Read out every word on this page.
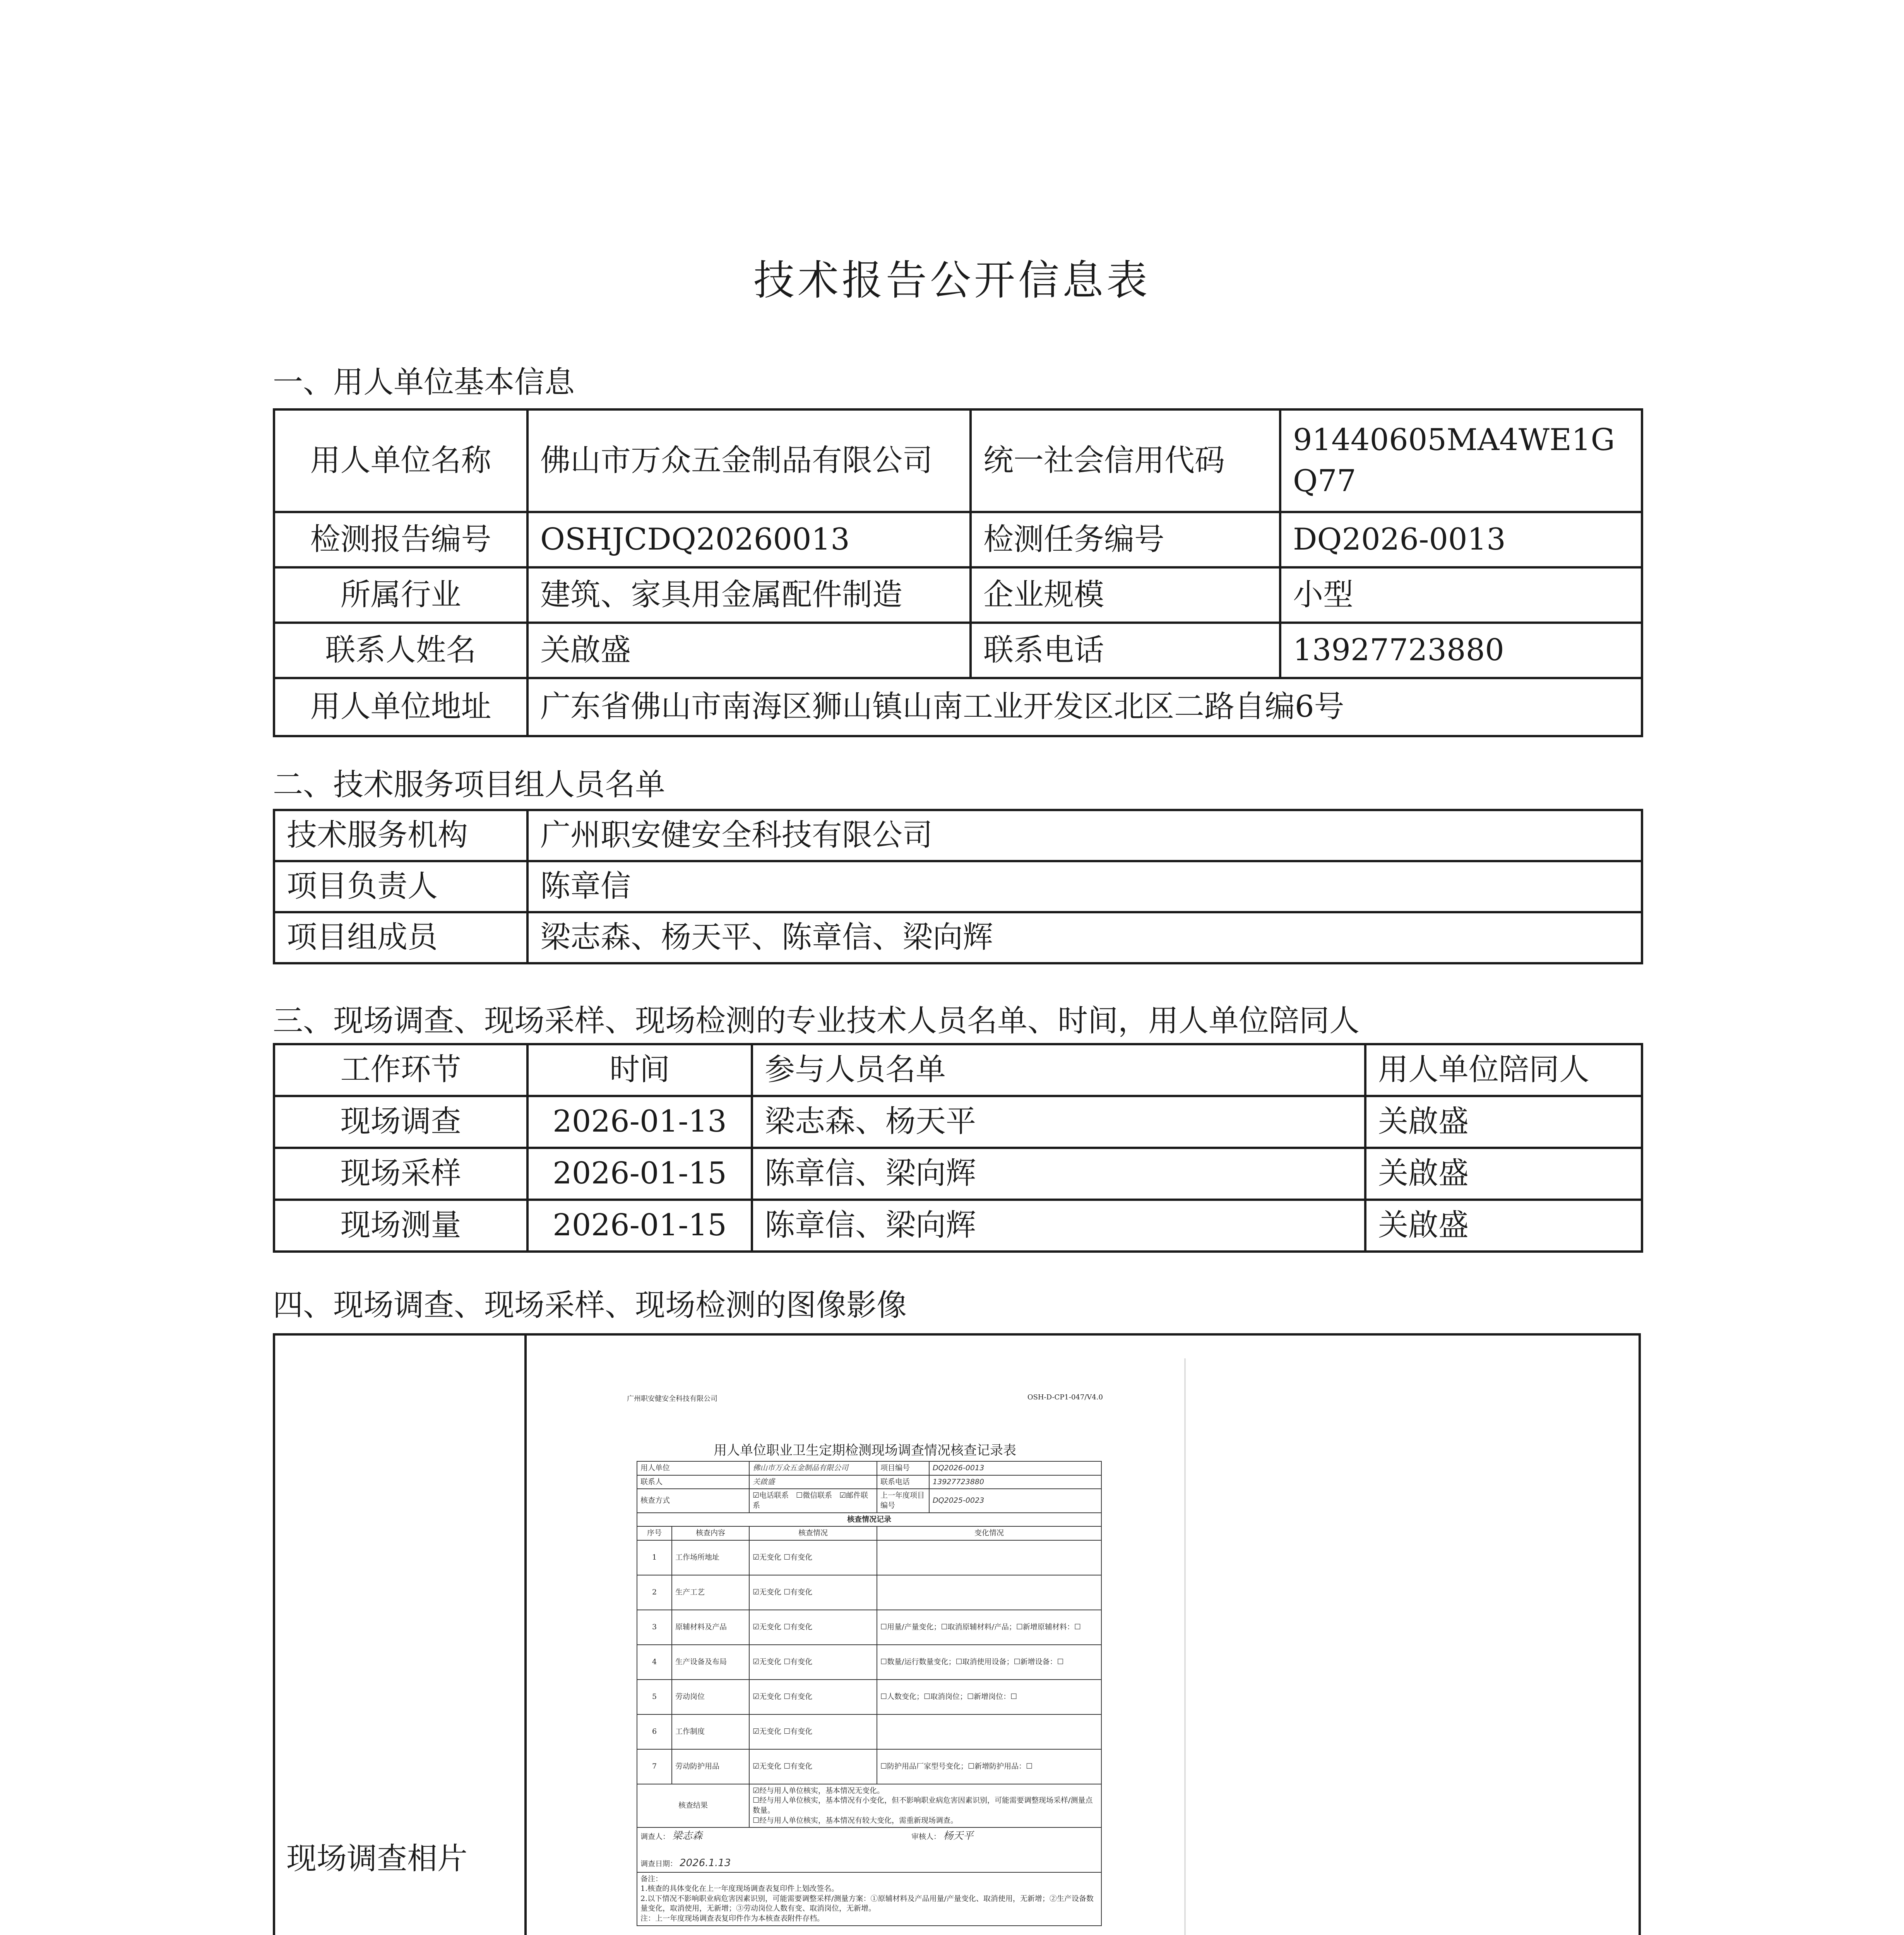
技术报告公开信息表
一、用人单位基本信息
用人单位名称	佛山市万众五金制品有限公司	统一社会信用代码	91440605MA4WE1GQ77
检测报告编号	OSHJCDQ20260013	检测任务编号	DQ2026-0013
所属行业	建筑、家具用金属配件制造	企业规模	小型
联系人姓名	关啟盛	联系电话	13927723880
用人单位地址	广东省佛山市南海区狮山镇山南工业开发区北区二路自编6号		
二、技术服务项目组人员名单
技术服务机构	广州职安健安全科技有限公司
项目负责人	陈章信
项目组成员	梁志森、杨天平、陈章信、梁向辉
三、现场调查、现场采样、现场检测的专业技术人员名单、时间，用人单位陪同人
工作环节	时间	参与人员名单	用人单位陪同人
现场调查	2026-01-13	梁志森、杨天平	关啟盛
现场采样	2026-01-15	陈章信、梁向辉	关啟盛
现场测量	2026-01-15	陈章信、梁向辉	关啟盛
四、现场调查、现场采样、现场检测的图像影像
现场调查相片
广州职安健安全科技有限公司	OSH-D-CP1-047/V4.0
用人单位职业卫生定期检测现场调查情况核查记录表
用人单位		佛山市万众五金制品有限公司	项目编号	DQ2026-0013
联系人		关啟盛	联系电话	13927723880
核查方式		☑电话联系　☐微信联系　☑邮件联系	上一年度项目编号	DQ2025-0023
核查情况记录				
序号	核查内容	核查情况	变化情况	
1	工作场所地址	☑无变化 ☐有变化		
2	生产工艺	☑无变化 ☐有变化		
3	原辅材料及产品	☑无变化 ☐有变化	☐用量/产量变化；☐取消原辅材料/产品；☐新增原辅材料：☐	
4	生产设备及布局	☑无变化 ☐有变化	☐数量/运行数量变化；☐取消使用设备；☐新增设备：☐	
5	劳动岗位	☑无变化 ☐有变化	☐人数变化；☐取消岗位；☐新增岗位：☐	
6	工作制度	☑无变化 ☐有变化		
7	劳动防护用品	☑无变化 ☐有变化	☐防护用品厂家型号变化；☐新增防护用品：☐	
核查结果		☑经与用人单位核实，基本情况无变化。
☐经与用人单位核实，基本情况有小变化，但不影响职业病危害因素识别，可能需要调整现场采样/测量点数量。
☐经与用人单位核实，基本情况有较大变化，需重新现场调查。		

调查人： 梁志森 审核人： 杨天平
调查日期： 2026.1.13				

备注：
1.核查的具体变化在上一年度现场调查表复印件上划改签名。
2.以下情况不影响职业病危害因素识别，可能需要调整采样/测量方案：①原辅材料及产品用量/产量变化、取消使用，无新增；②生产设备数量变化，取消使用，无新增；③劳动岗位人数有变、取消岗位，无新增。
注：上一年度现场调查表复印件作为本核查表附件存档。				
